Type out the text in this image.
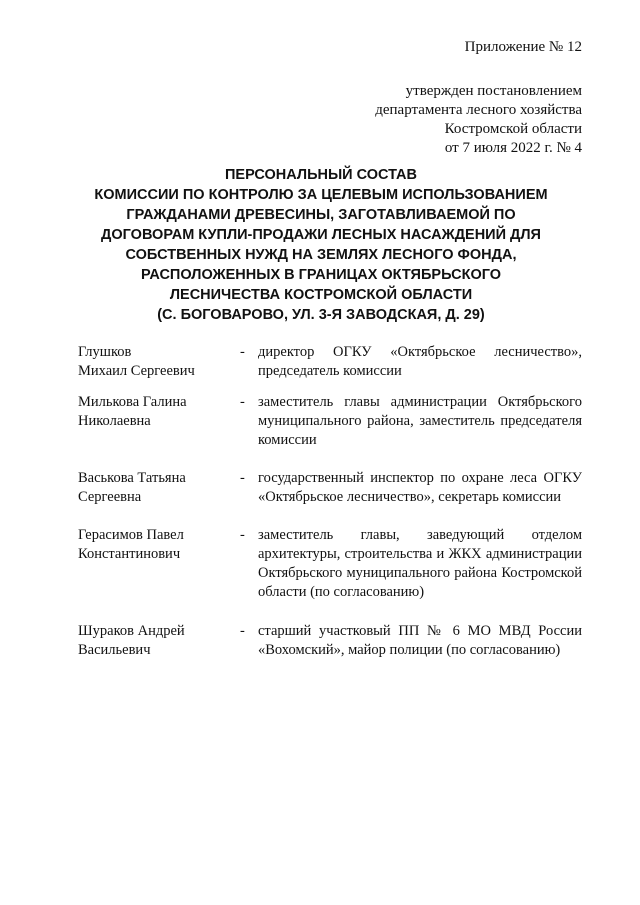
Приложение № 12
утвержден постановлением
департамента лесного хозяйства
Костромской области
от 7 июля 2022 г. № 4
ПЕРСОНАЛЬНЫЙ СОСТАВ
КОМИССИИ ПО КОНТРОЛЮ ЗА ЦЕЛЕВЫМ ИСПОЛЬЗОВАНИЕМ
ГРАЖДАНАМИ ДРЕВЕСИНЫ, ЗАГОТАВЛИВАЕМОЙ ПО
ДОГОВОРАМ КУПЛИ-ПРОДАЖИ ЛЕСНЫХ НАСАЖДЕНИЙ ДЛЯ
СОБСТВЕННЫХ НУЖД НА ЗЕМЛЯХ ЛЕСНОГО ФОНДА,
РАСПОЛОЖЕННЫХ В ГРАНИЦАХ ОКТЯБРЬСКОГО
ЛЕСНИЧЕСТВА КОСТРОМСКОЙ ОБЛАСТИ
(С. БОГОВАРОВО, УЛ. 3-Я ЗАВОДСКАЯ, Д. 29)
Глушков
Михаил Сергеевич
- директор ОГКУ «Октябрьское лесничество», председатель комиссии
Милькова Галина
Николаевна
- заместитель главы администрации Октябрьского муниципального района, заместитель председателя комиссии
Васькова Татьяна
Сергеевна
- государственный инспектор по охране леса ОГКУ «Октябрьское лесничество», секретарь комиссии
Герасимов Павел
Константинович
- заместитель главы, заведующий отделом архитектуры, строительства и ЖКХ администрации Октябрьского муниципального района Костромской области (по согласованию)
Шураков Андрей
Васильевич
- старший участковый ПП № 6 МО МВД России «Вохомский», майор полиции (по согласованию)
